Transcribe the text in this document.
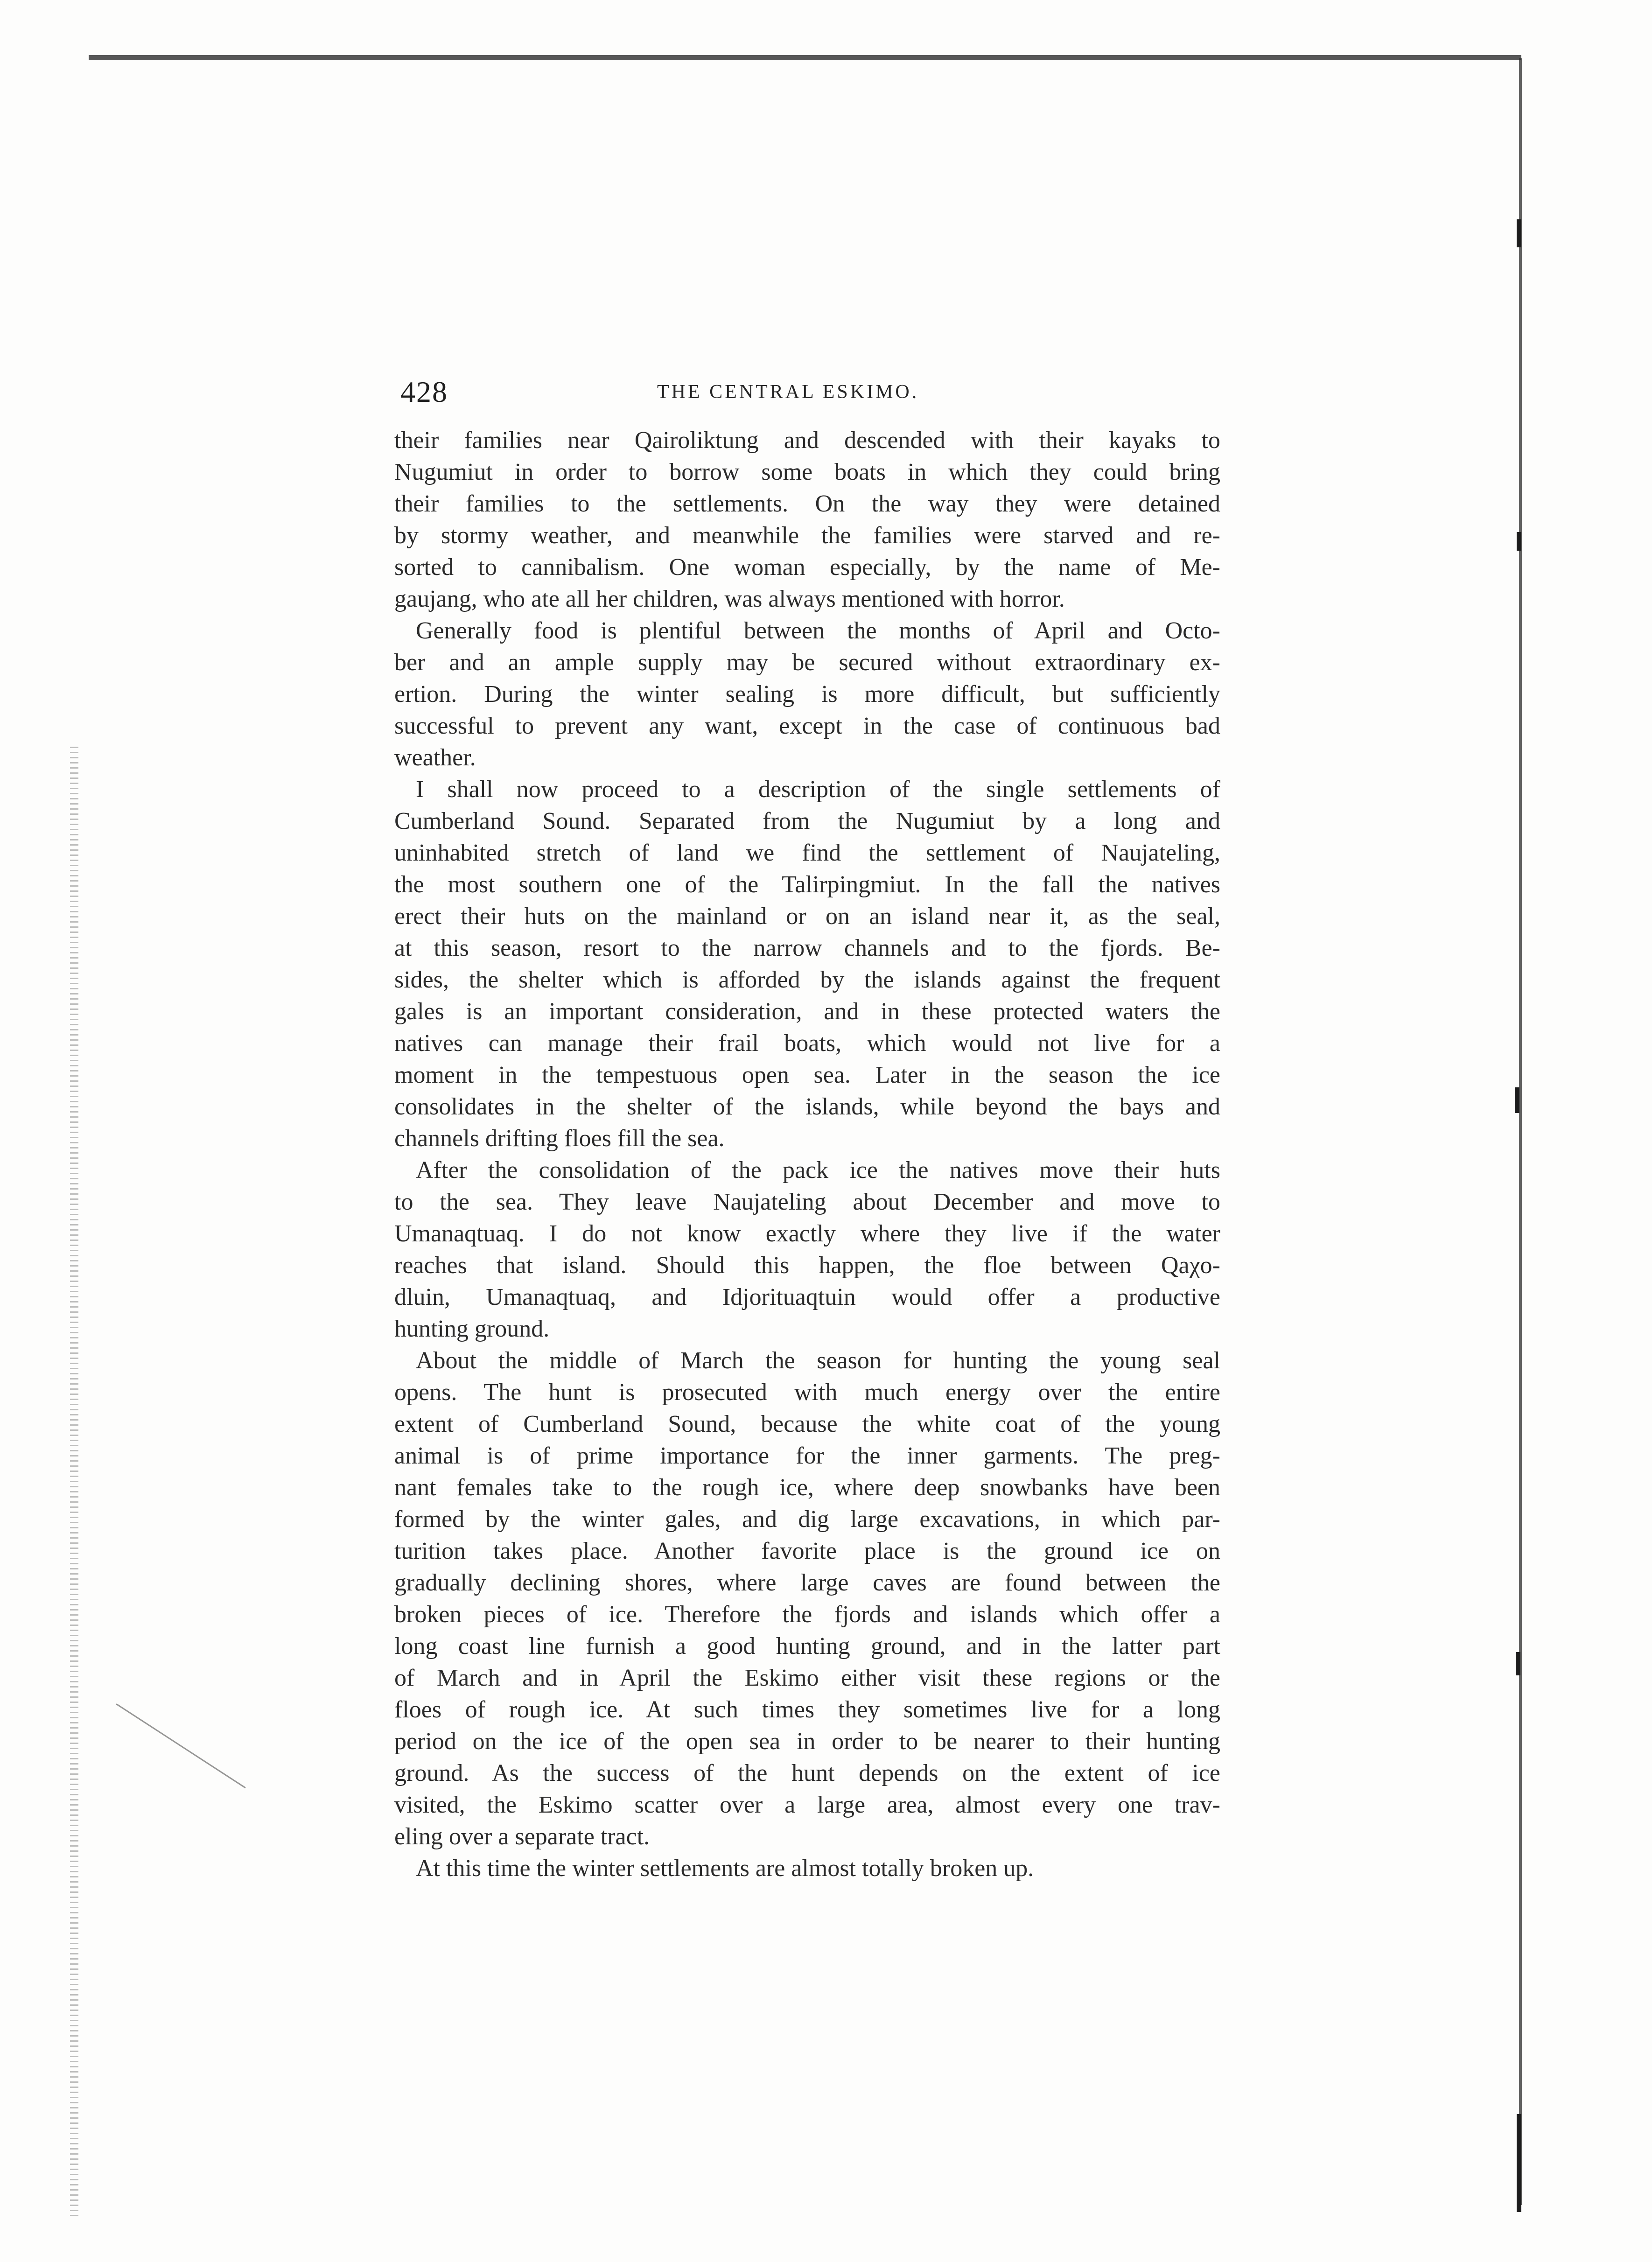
428	THE CENTRAL ESKIMO.
their families near Qairoliktung and descended with their kayaks to
Nugumiut in order to borrow some boats in which they could bring
their families to the settlements. On the way they were detained
by stormy weather, and meanwhile the families were starved and re-
sorted to cannibalism. One woman especially, by the name of Me-
gaujang, who ate all her children, was always mentioned with horror.
Generally food is plentiful between the months of April and Octo-
ber and an ample supply may be secured without extraordinary ex-
ertion. During the winter sealing is more difficult, but sufficiently
successful to prevent any want, except in the case of continuous bad
weather.
I shall now proceed to a description of the single settlements of
Cumberland Sound. Separated from the Nugumiut by a long and
uninhabited stretch of land we find the settlement of Naujateling,
the most southern one of the Talirpingmiut. In the fall the natives
erect their huts on the mainland or on an island near it, as the seal,
at this season, resort to the narrow channels and to the fjords. Be-
sides, the shelter which is afforded by the islands against the frequent
gales is an important consideration, and in these protected waters the
natives can manage their frail boats, which would not live for a
moment in the tempestuous open sea. Later in the season the ice
consolidates in the shelter of the islands, while beyond the bays and
channels drifting floes fill the sea.
After the consolidation of the pack ice the natives move their huts
to the sea. They leave Naujateling about December and move to
Umanaqtuaq. I do not know exactly where they live if the water
reaches that island. Should this happen, the floe between Qaχo-
dluin, Umanaqtuaq, and Idjorituaqtuin would offer a productive
hunting ground.
About the middle of March the season for hunting the young seal
opens. The hunt is prosecuted with much energy over the entire
extent of Cumberland Sound, because the white coat of the young
animal is of prime importance for the inner garments. The preg-
nant females take to the rough ice, where deep snowbanks have been
formed by the winter gales, and dig large excavations, in which par-
turition takes place. Another favorite place is the ground ice on
gradually declining shores, where large caves are found between the
broken pieces of ice. Therefore the fjords and islands which offer a
long coast line furnish a good hunting ground, and in the latter part
of March and in April the Eskimo either visit these regions or the
floes of rough ice. At such times they sometimes live for a long
period on the ice of the open sea in order to be nearer to their hunting
ground. As the success of the hunt depends on the extent of ice
visited, the Eskimo scatter over a large area, almost every one trav-
eling over a separate tract.
At this time the winter settlements are almost totally broken up.
